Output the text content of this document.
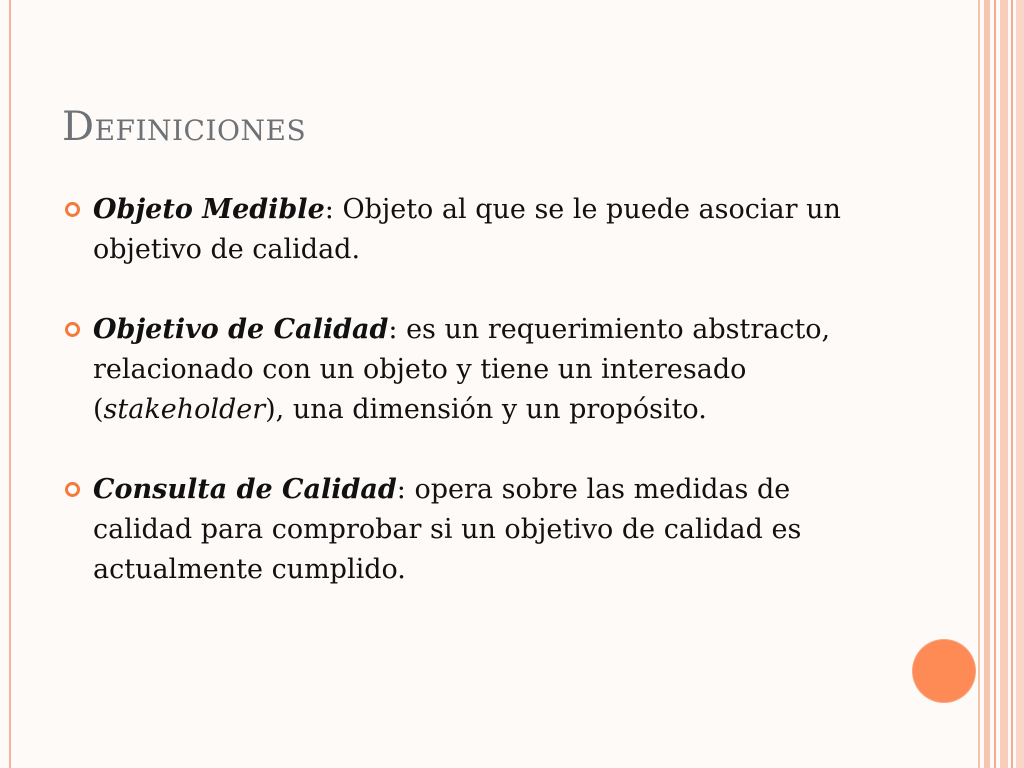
Definiciones
Objeto Medible: Objeto al que se le puede asociar un objetivo de calidad.
Objetivo de Calidad: es un requerimiento abstracto, relacionado con un objeto y tiene un interesado (stakeholder), una dimensión y un propósito.
Consulta de Calidad: opera sobre las medidas de calidad para comprobar si un objetivo de calidad es actualmente cumplido.
